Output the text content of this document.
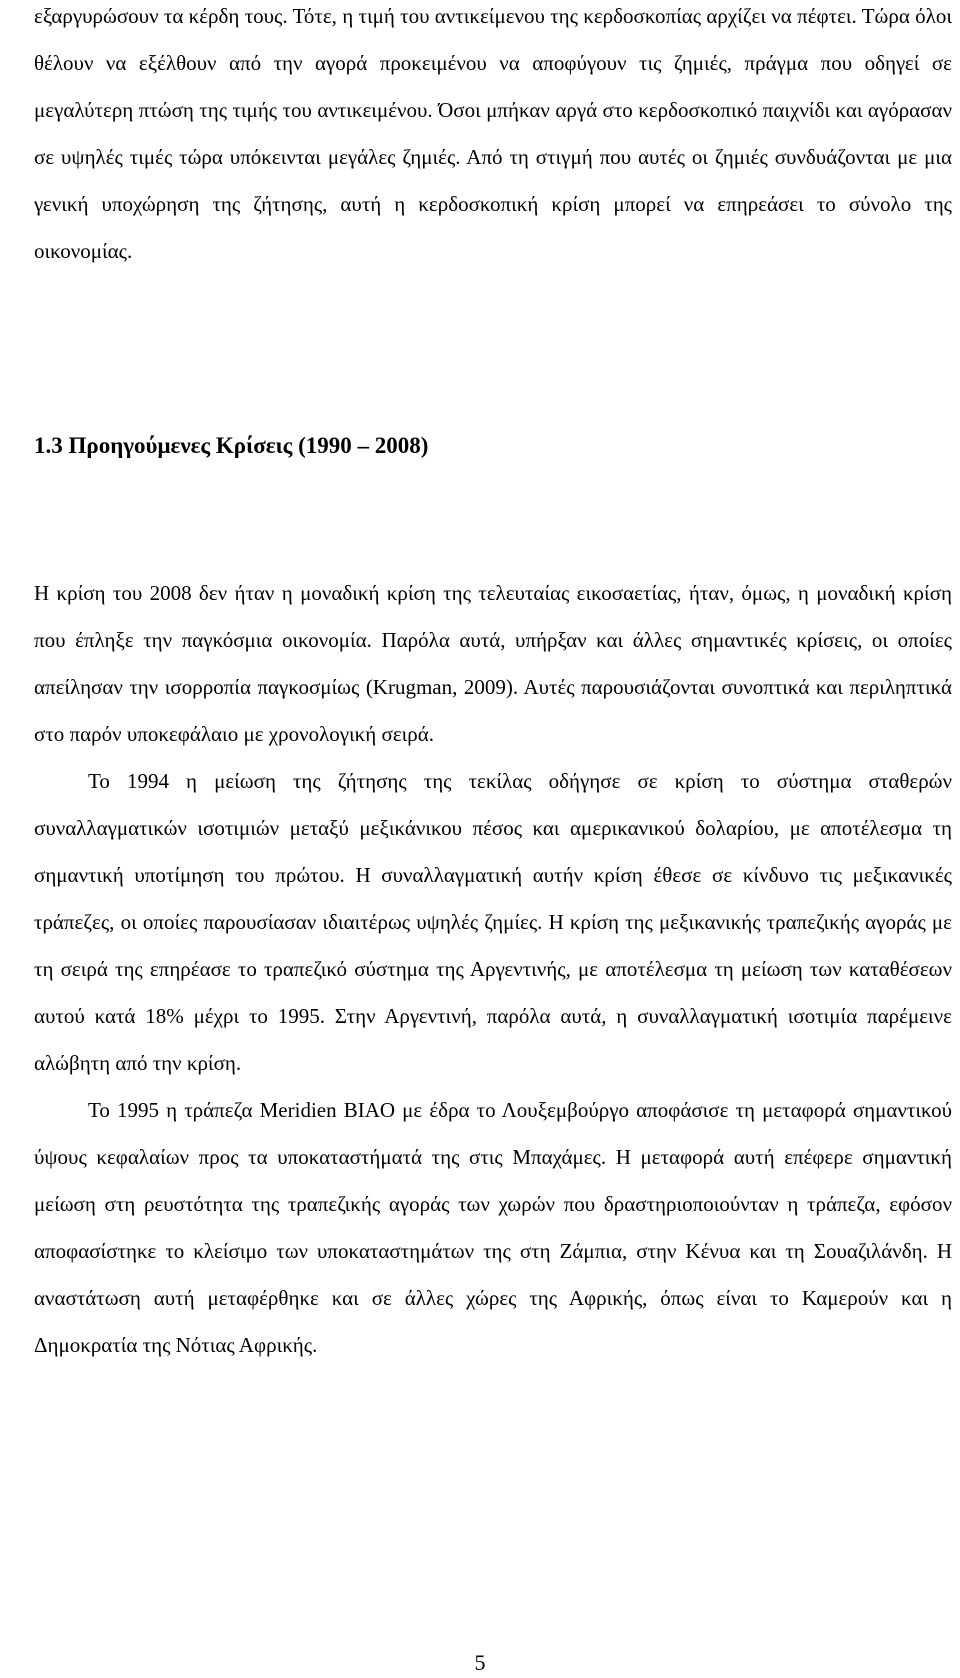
εξαργυρώσουν τα κέρδη τους. Τότε, η τιμή του αντικείμενου της κερδοσκοπίας αρχίζει να πέφτει. Τώρα όλοι θέλουν να εξέλθουν από την αγορά προκειμένου να αποφύγουν τις ζημιές, πράγμα που οδηγεί σε μεγαλύτερη πτώση της τιμής του αντικειμένου. Όσοι μπήκαν αργά στο κερδοσκοπικό παιχνίδι και αγόρασαν σε υψηλές τιμές τώρα υπόκεινται μεγάλες ζημιές. Από τη στιγμή που αυτές οι ζημιές συνδυάζονται με μια γενική υποχώρηση της ζήτησης, αυτή η κερδοσκοπική κρίση μπορεί να επηρεάσει το σύνολο της οικονομίας.

1.3 Προηγούμενες Κρίσεις (1990 – 2008)

Η κρίση του 2008 δεν ήταν η μοναδική κρίση της τελευταίας εικοσαετίας, ήταν, όμως, η μοναδική κρίση που έπληξε την παγκόσμια οικονομία. Παρόλα αυτά, υπήρξαν και άλλες σημαντικές κρίσεις, οι οποίες απείλησαν την ισορροπία παγκοσμίως (Krugman, 2009). Αυτές παρουσιάζονται συνοπτικά και περιληπτικά στο παρόν υποκεφάλαιο με χρονολογική σειρά.

Το 1994 η μείωση της ζήτησης της τεκίλας οδήγησε σε κρίση το σύστημα σταθερών συναλλαγματικών ισοτιμιών μεταξύ μεξικάνικου πέσος και αμερικανικού δολαρίου, με αποτέλεσμα τη σημαντική υποτίμηση του πρώτου. Η συναλλαγματική αυτήν κρίση έθεσε σε κίνδυνο τις μεξικανικές τράπεζες, οι οποίες παρουσίασαν ιδιαιτέρως υψηλές ζημίες. Η κρίση της μεξικανικής τραπεζικής αγοράς με τη σειρά της επηρέασε το τραπεζικό σύστημα της Αργεντινής, με αποτέλεσμα τη μείωση των καταθέσεων αυτού κατά 18% μέχρι το 1995. Στην Αργεντινή, παρόλα αυτά, η συναλλαγματική ισοτιμία παρέμεινε αλώβητη από την κρίση.

Το 1995 η τράπεζα Meridien BIAO με έδρα το Λουξεμβούργο αποφάσισε τη μεταφορά σημαντικού ύψους κεφαλαίων προς τα υποκαταστήματά της στις Μπαχάμες. Η μεταφορά αυτή επέφερε σημαντική μείωση στη ρευστότητα της τραπεζικής αγοράς των χωρών που δραστηριοποιούνταν η τράπεζα, εφόσον αποφασίστηκε το κλείσιμο των υποκαταστημάτων της στη Ζάμπια, στην Κένυα και τη Σουαζιλάνδη. Η αναστάτωση αυτή μεταφέρθηκε και σε άλλες χώρες της Αφρικής, όπως είναι το Καμερούν και η Δημοκρατία της Νότιας Αφρικής.

5
